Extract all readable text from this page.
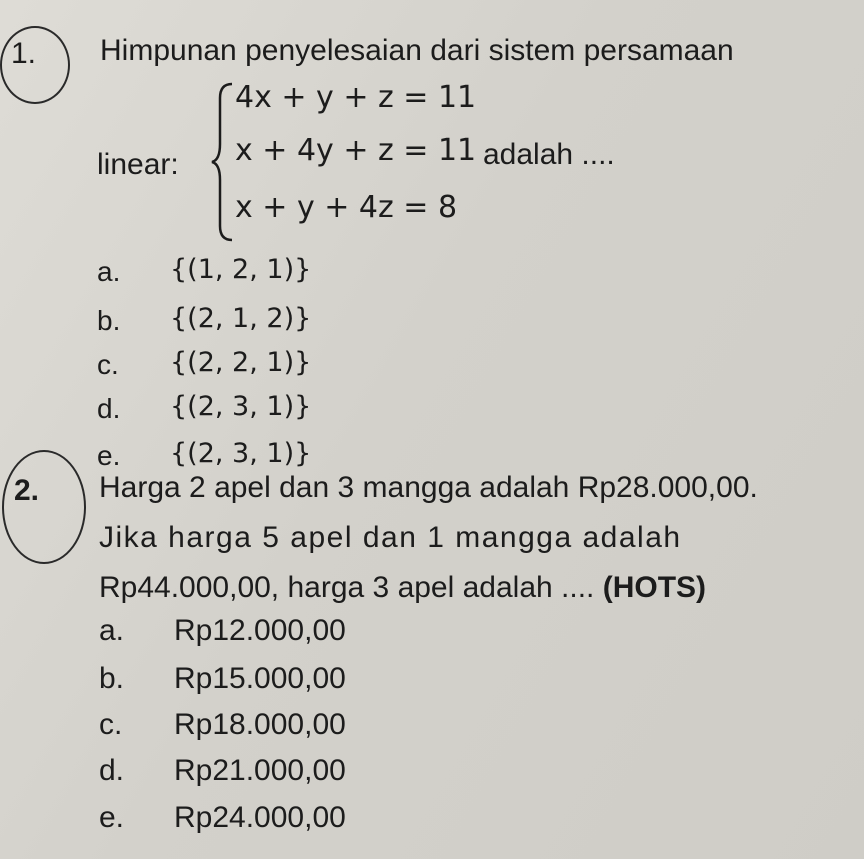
1. Himpunan penyelesaian dari sistem persamaan
linear:
4x + y + z = 11
x + 4y + z = 11
x + y + 4z = 8
adalah ....
a. {(1, 2, 1)}
b. {(2, 1, 2)}
c. {(2, 2, 1)}
d. {(2, 3, 1)}
e. {(2, 3, 1)}
2. Harga 2 apel dan 3 mangga adalah Rp28.000,00.
Jika harga 5 apel dan 1 mangga adalah
Rp44.000,00, harga 3 apel adalah .... (HOTS)
a. Rp12.000,00
b. Rp15.000,00
c. Rp18.000,00
d. Rp21.000,00
e. Rp24.000,00
